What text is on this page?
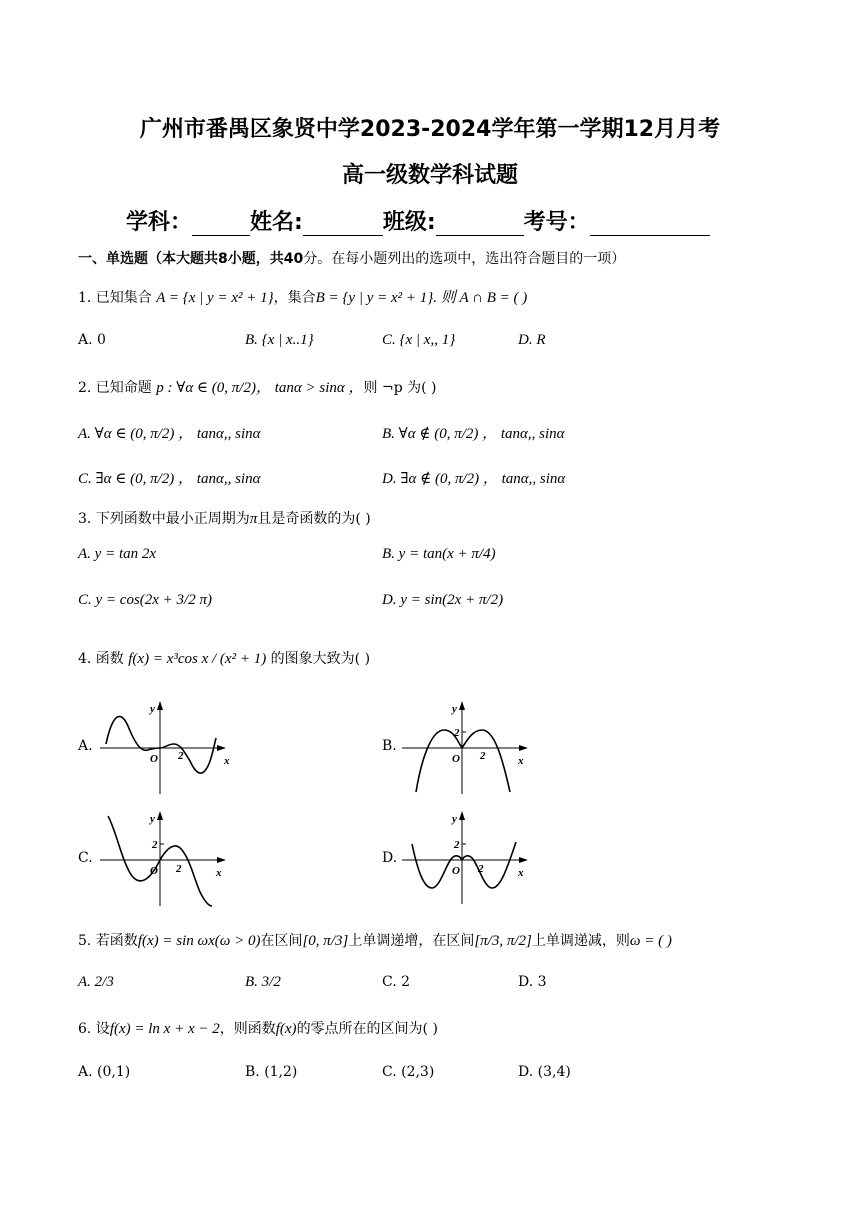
广州市番禺区象贤中学2023-2024学年第一学期12月月考
高一级数学科试题
学科：	姓名:	班级:	考号：
一、单选题（本大题共8小题，共40分。在每小题列出的选项中，选出符合题目的一项）
1. 已知集合 A = {x | y = x² + 1}，集合B = {y | y = x² + 1}. 则 A ∩ B = ( )
A. 0	B. {x | x..1}	C. {x | x,, 1}	D. R
2. 已知命题 p : ∀α ∈ (0, π/2)， tanα > sinα ，则 ¬p 为( )
A. ∀α ∈ (0, π/2) ， tanα,, sinα	B. ∀α ∉ (0, π/2) ， tanα,, sinα
C. ∃α ∈ (0, π/2) ， tanα,, sinα	D. ∃α ∉ (0, π/2) ， tanα,, sinα
3. 下列函数中最小正周期为π且是奇函数的为( )
A. y = tan 2x	B. y = tan(x + π/4)
C. y = cos(2x + 3/2 π)	D. y = sin(2x + π/2)
4. 函数 f(x) = x³cos x / (x² + 1) 的图象大致为( )
A.
y
x
O 2
B.
y
x
O 2
2
C.
y
x
O 2
2
D.
y
x
O 2
2
5. 若函数f(x) = sin ωx(ω > 0)在区间[0, π/3]上单调递增，在区间[π/3, π/2]上单调递减，则ω = ( )
A. 2/3	B. 3/2	C. 2	D. 3
6. 设f(x) = ln x + x − 2，则函数f(x)的零点所在的区间为( )
A. (0,1)	B. (1,2)	C. (2,3)	D. (3,4)
